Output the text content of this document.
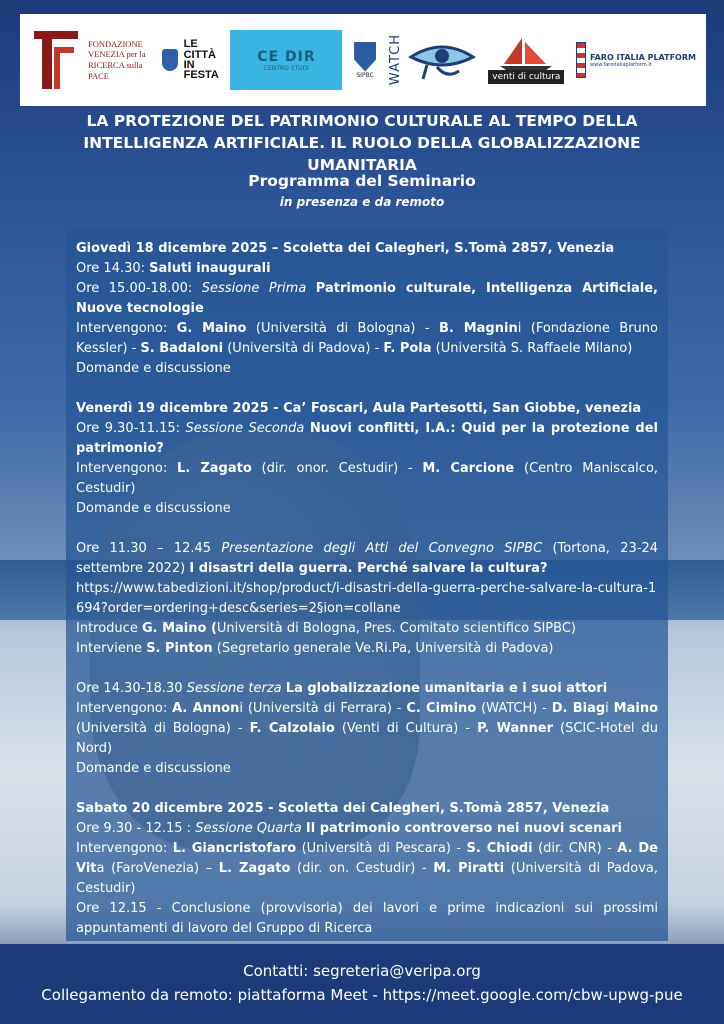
FONDAZIONE
VENEZIA per la
RICERCA sulla
PACE
LE
CITTÀ
IN
FESTA
CE DIR
CENTRO STUDI
SIPBC WATCH	venti di cultura
FARO ITALIA PLATFORM
www.faroitaliaplatform.it
LA PROTEZIONE DEL PATRIMONIO CULTURALE AL TEMPO DELLA INTELLIGENZA ARTIFICIALE. IL RUOLO DELLA GLOBALIZZAZIONE UMANITARIA
Programma del Seminario
in presenza e da remoto

Giovedì 18 dicembre 2025 – Scoletta dei Calegheri, S.Tomà 2857, Venezia

Ore 14.30: Saluti inaugurali

Ore 15.00-18.00: Sessione Prima Patrimonio culturale, Intelligenza Artificiale, Nuove tecnologie

Intervengono: G. Maino (Università di Bologna) - B. Magnini (Fondazione Bruno Kessler) - S. Badaloni (Università di Padova) - F. Pola (Università S. Raffaele Milano)

Domande e discussione

Venerdì 19 dicembre 2025 - Ca’ Foscari, Aula Partesotti, San Giobbe, venezia

Ore 9.30-11.15: Sessione Seconda Nuovi conflitti, I.A.: Quid per la protezione del patrimonio?

Intervengono: L. Zagato (dir. onor. Cestudir) - M. Carcione (Centro Maniscalco, Cestudir)

Domande e discussione

Ore 11.30 – 12.45 Presentazione degli Atti del Convegno SIPBC (Tortona, 23-24 settembre 2022) I disastri della guerra. Perché salvare la cultura?

https://www.tabedizioni.it/shop/product/i-disastri-della-guerra-perche-salvare-la-cultura-1694?order=ordering+desc&series=2§ion=collane

Introduce G. Maino (Università di Bologna, Pres. Comitato scientifico SIPBC)

Interviene S. Pinton (Segretario generale Ve.Ri.Pa, Università di Padova)

Ore 14.30-18.30 Sessione terza La globalizzazione umanitaria e i suoi attori

Intervengono: A. Annoni (Università di Ferrara) - C. Cimino (WATCH) - D. Biagi Maino (Università di Bologna) - F. Calzolaio (Venti di Cultura) - P. Wanner (SCIC-Hotel du Nord)

Domande e discussione

Sabato 20 dicembre 2025 - Scoletta dei Calegheri, S.Tomà 2857, Venezia

Ore 9.30 - 12.15 : Sessione Quarta Il patrimonio controverso nei nuovi scenari

Intervengono: L. Giancristofaro (Università di Pescara) - S. Chiodi (dir. CNR) - A. De Vita (FaroVenezia) – L. Zagato (dir. on. Cestudir) - M. Piratti (Università di Padova, Cestudir)

Ore 12.15 - Conclusione (provvisoria) dei lavori e prime indicazioni sui prossimi appuntamenti di lavoro del Gruppo di Ricerca

Contatti: segreteria@veripa.org
Collegamento da remoto: piattaforma Meet - https://meet.google.com/cbw-upwg-pue
